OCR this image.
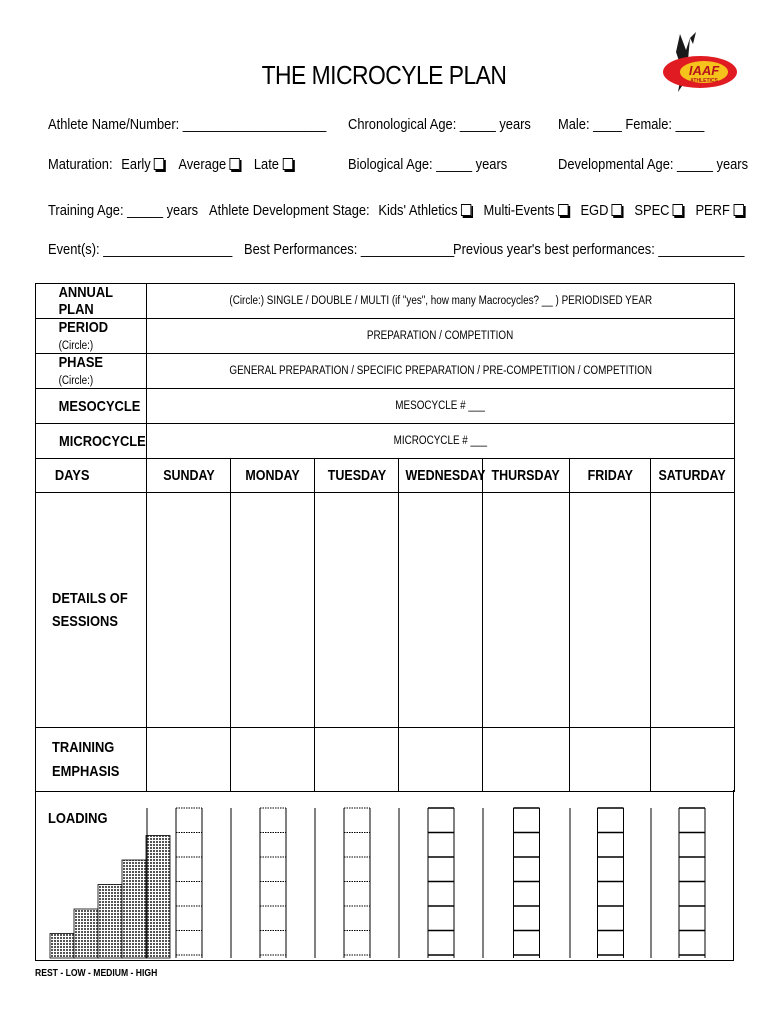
THE MICROCYLE PLAN	IAAF
ATHLETICS
Athlete Name/Number: ____________________ Chronological Age: _____ years Male: ____ Female: ____
Maturation: Early Average Late	Biological Age: _____ years	Developmental Age: _____ years
Training Age: _____ years Athlete Development Stage: Kids' Athletics Multi-Events EGD SPEC PERF
Event(s): __________________ Best Performances: _____________
Previous year's best performances: ____________
ANNUAL PLAN	(Circle:) SINGLE / DOUBLE / MULTI (if "yes", how many Macrocycles? __ ) PERIODISED YEAR						
PERIOD (Circle:)	PREPARATION / COMPETITION						
PHASE (Circle:)	GENERAL PREPARATION / SPECIFIC PREPARATION / PRE-COMPETITION / COMPETITION						
MESOCYCLE	MESOCYCLE # ___						
MICROCYCLE	MICROCYCLE # ___						
DAYS	SUNDAY	MONDAY	TUESDAY	WEDNESDAY	THURSDAY	FRIDAY	SATURDAY
DETAILS OF
SESSIONS							
TRAINING
EMPHASIS							
LOADING
REST - LOW - MEDIUM - HIGH
